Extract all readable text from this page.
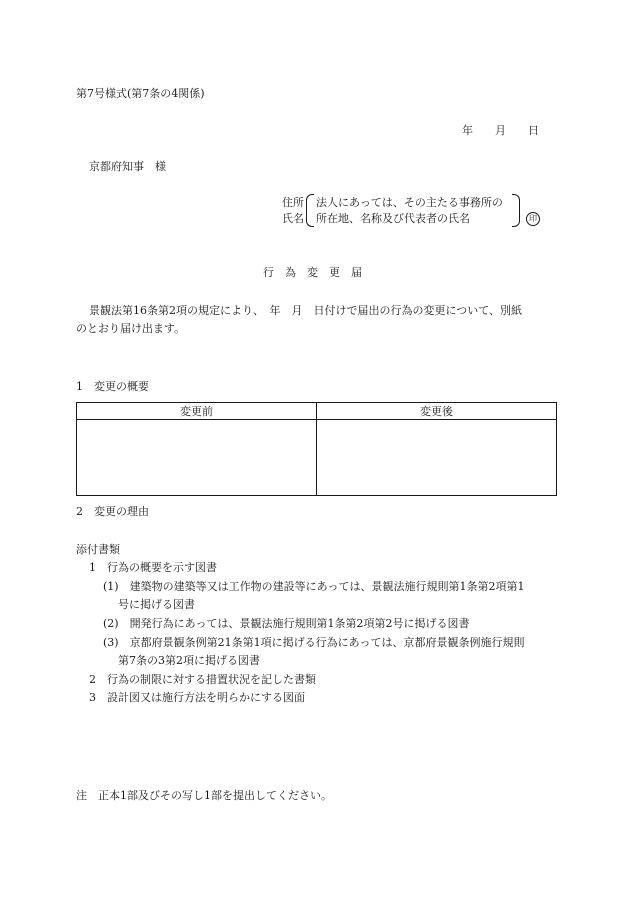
第7号様式(第7条の4関係)
年　　月　　日
京都府知事　様
住所
氏名
法人にあっては、その主たる事務所の
所在地、名称及び代表者の氏名	印
行　為　変　更　届
景観法第16条第2項の規定により、　年　月　日付けで届出の行為の変更について、別紙
のとおり届け出ます。
1　変更の概要
変更前	変更後

2　変更の理由
添付書類
1　行為の概要を示す図書
(1)　建築物の建築等又は工作物の建設等にあっては、景観法施行規則第1条第2項第1
号に掲げる図書
(2)　開発行為にあっては、景観法施行規則第1条第2項第2号に掲げる図書
(3)　京都府景観条例第21条第1項に掲げる行為にあっては、京都府景観条例施行規則
第7条の3第2項に掲げる図書
2　行為の制限に対する措置状況を記した書類
3　設計図又は施行方法を明らかにする図面
注　正本1部及びその写し1部を提出してください。
